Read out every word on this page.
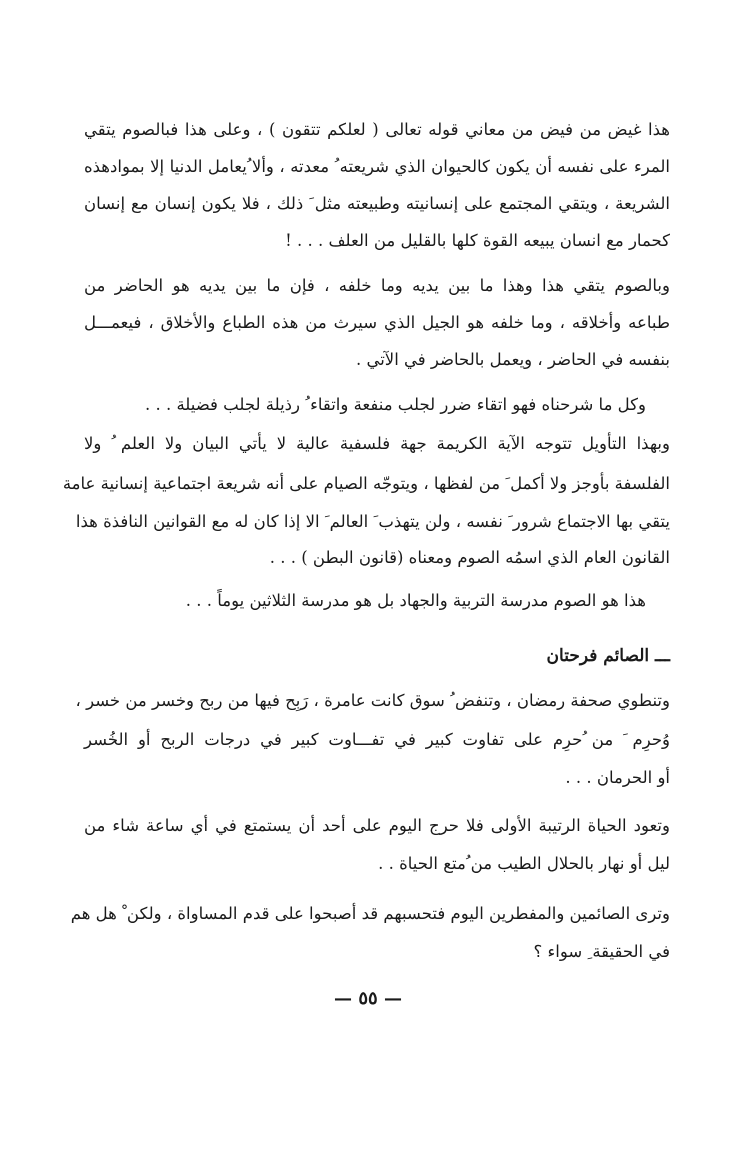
هذا غيض من فيض من معاني قوله تعالى ( لعلكم تتقون ) ، وعلى هذا فبالصوم يتقي
المرء على نفسه أن يكون كالحيوان الذي شريعته ُ معدته ، وألا ُيعامل الدنيا إلا بموادهذه
الشريعة ، ويتقي المجتمع على إنسانيته وطبيعته مثل َ ذلك ، فلا يكون إنسان مع إنسان
كحمار مع انسان يبيعه القوة كلها بالقليل من العلف . . . !
وبالصوم يتقي هذا وهذا ما بين يديه وما خلفه ، فإن ما بين يديه هو الحاضر من
طباعه وأخلاقه ، وما خلفه هو الجيل الذي سيرث من هذه الطباع والأخلاق ، فيعمـــل
بنفسه في الحاضر ، ويعمل بالحاضر في الآتي .
وكل ما شرحناه فهو اتقاء ضرر لجلب منفعة واتقاء ُ رذيلة لجلب فضيلة . . .
وبهذا التأويل تتوجه الآية الكريمة جهة فلسفية عالية لا يأتي البيان ولا العلم ُ ولا
الفلسفة بأوجز ولا أكمل َ من لفظها ، ويتوجّه الصيام على أنه شريعة اجتماعية إنسانية عامة
يتقي بها الاجتماع شرور َ نفسه ، ولن يتهذب َ العالم َ الا إذا كان له مع القوانين النافذة هذا
القانون العام الذي اسمُه الصوم ومعناه (قانون البطن ) . . .
هذا هو الصوم مدرسة التربية والجهاد بل هو مدرسة الثلاثين يوماً . . .
ـــ الصائم فرحتان
وتنطوي صحفة رمضان ، وتنفض ُ سوق كانت عامرة ، رَبِح فيها من ربح وخسر من خسر ،
وُحرِم َ من ُحرِم على تفاوت كبير في تفـــاوت كبير في درجات الربح أو الخُسر
أو الحرمان . . .
وتعود الحياة الرتيبة الأولى فلا حرج اليوم على أحد أن يستمتع في أي ساعة شاء من
ليل أو نهار بالحلال الطيب من ُمتع الحياة . .
وترى الصائمين والمفطرين اليوم فتحسبهم قد أصبحوا على قدم المساواة ، ولكن ْ هل هم
في الحقيقة ِ سواء ؟
— ٥٥ —
